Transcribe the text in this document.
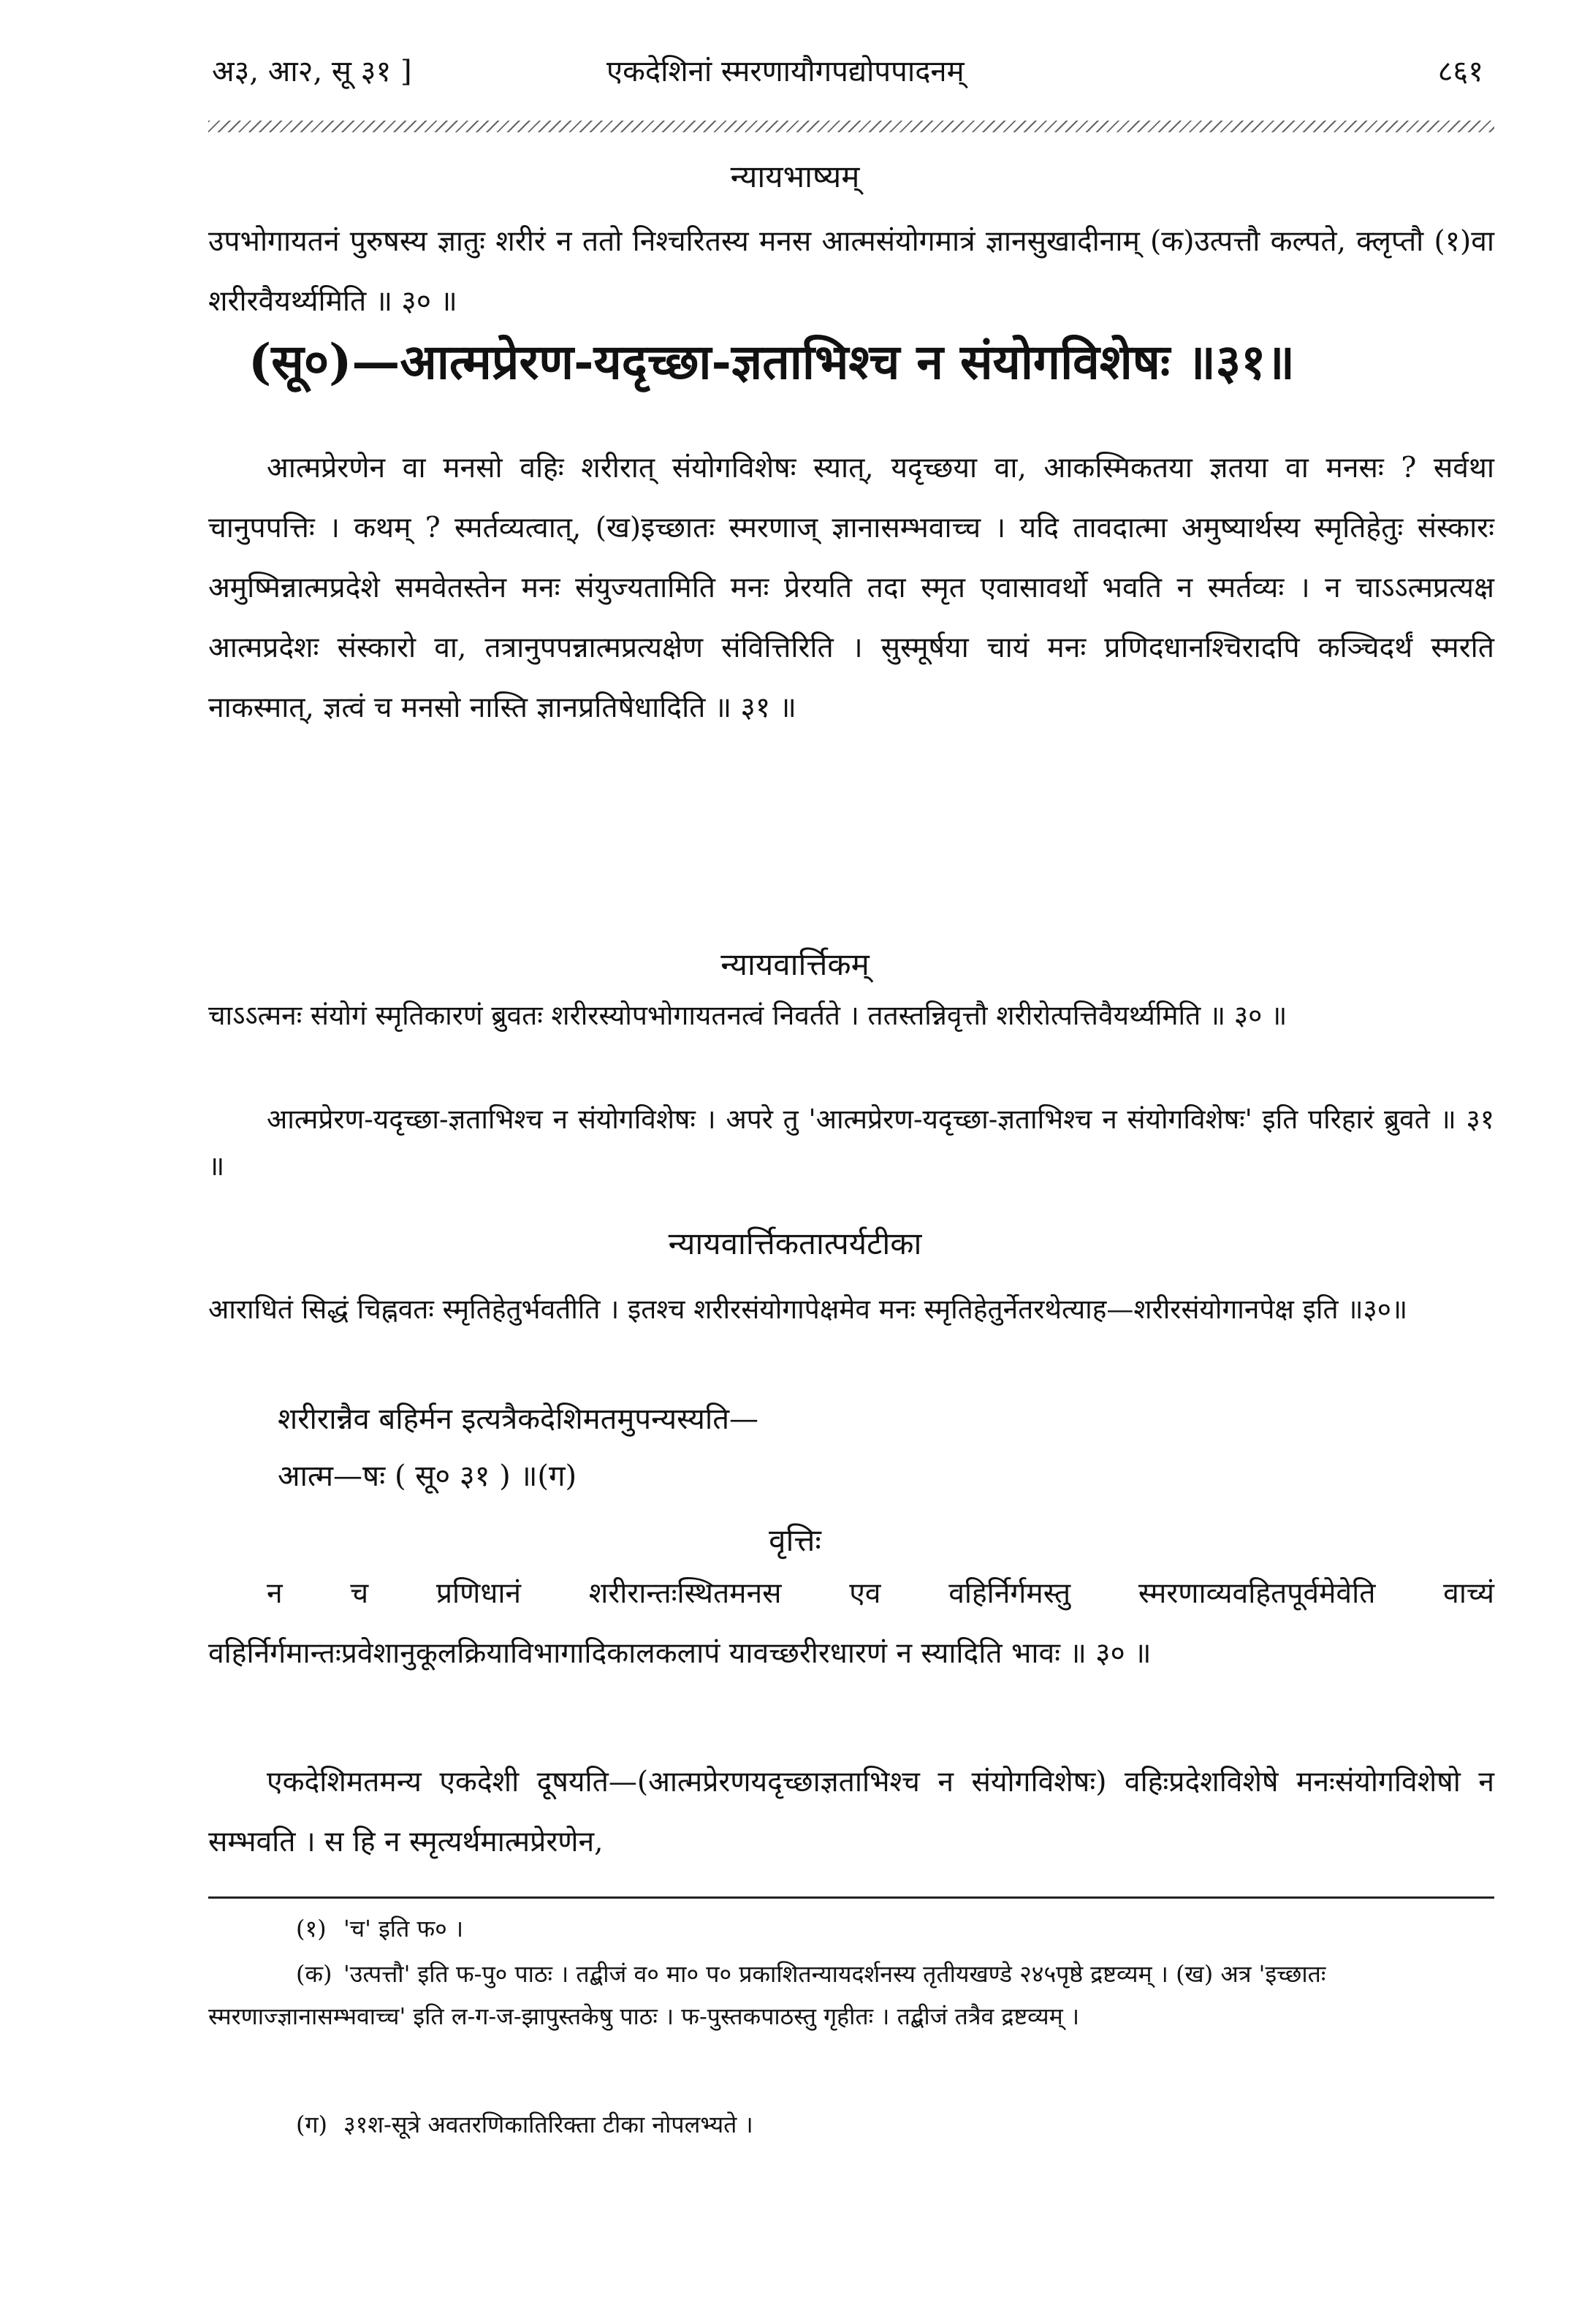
अ३, आ२, सू ३१ ]	एकदेशिनां स्मरणायौगपद्योपपादनम्	८६१
न्यायभाष्यम्
उपभोगायतनं पुरुषस्य ज्ञातुः शरीरं न ततो निश्चरितस्य मनस आत्मसंयोगमात्रं ज्ञानसुखादीनाम् (क)उत्पत्तौ कल्पते, क्लृप्तौ (१)वा शरीरवैयर्थ्यमिति ॥ ३० ॥
(सू०)—आत्मप्रेरण-यदृच्छा-ज्ञताभिश्च न संयोगविशेषः ॥३१॥
आत्मप्रेरणेन वा मनसो वहिः शरीरात् संयोगविशेषः स्यात्, यदृच्छया वा, आकस्मिकतया ज्ञतया वा मनसः ? सर्वथा चानुपपत्तिः । कथम् ? स्मर्तव्यत्वात्, (ख)इच्छातः स्मरणाज् ज्ञानासम्भवाच्च । यदि तावदात्मा अमुष्यार्थस्य स्मृतिहेतुः संस्कारः अमुष्मिन्नात्मप्रदेशे समवेतस्तेन मनः संयुज्यतामिति मनः प्रेरयति तदा स्मृत एवासावर्थो भवति न स्मर्तव्यः । न चाऽऽत्मप्रत्यक्ष आत्मप्रदेशः संस्कारो वा, तत्रानुपपन्नात्मप्रत्यक्षेण संवित्तिरिति । सुस्मूर्षया चायं मनः प्रणिदधानश्चिरादपि कञ्चिदर्थं स्मरति नाकस्मात्, ज्ञत्वं च मनसो नास्ति ज्ञानप्रतिषेधादिति ॥ ३१ ॥
न्यायवार्त्तिकम्
चाऽऽत्मनः संयोगं स्मृतिकारणं ब्रुवतः शरीरस्योपभोगायतनत्वं निवर्तते । ततस्तन्निवृत्तौ शरीरोत्पत्तिवैयर्थ्यमिति ॥ ३० ॥
आत्मप्रेरण-यदृच्छा-ज्ञताभिश्च न संयोगविशेषः । अपरे तु 'आत्मप्रेरण-यदृच्छा-ज्ञताभिश्च न संयोगविशेषः' इति परिहारं ब्रुवते ॥ ३१ ॥
न्यायवार्त्तिकतात्पर्यटीका
आराधितं सिद्धं चिह्नवतः स्मृतिहेतुर्भवतीति । इतश्च शरीरसंयोगापेक्षमेव मनः स्मृतिहेतुर्नेतरथेत्याह—शरीरसंयोगानपेक्ष इति ॥३०॥
शरीरान्नैव बहिर्मन इत्यत्रैकदेशिमतमुपन्यस्यति—
आत्म—षः ( सू० ३१ ) ॥(ग)
वृत्तिः
न च प्रणिधानं शरीरान्तःस्थितमनस एव वहिर्निर्गमस्तु स्मरणाव्यवहितपूर्वमेवेति वाच्यं वहिर्निर्गमान्तःप्रवेशानुकूलक्रियाविभागादिकालकलापं यावच्छरीरधारणं न स्यादिति भावः ॥ ३० ॥
एकदेशिमतमन्य एकदेशी दूषयति—(आत्मप्रेरणयदृच्छाज्ञताभिश्च न संयोगविशेषः) वहिःप्रदेशविशेषे मनःसंयोगविशेषो न सम्भवति । स हि न स्मृत्यर्थमात्मप्रेरणेन,
(१) 'च' इति फ० ।
(क) 'उत्पत्तौ' इति फ-पु० पाठः । तद्बीजं व० मा० प० प्रकाशितन्यायदर्शनस्य तृतीयखण्डे २४५पृष्ठे द्रष्टव्यम् । (ख) अत्र 'इच्छातः स्मरणाज्ज्ञानासम्भवाच्च' इति ल-ग-ज-झापुस्तकेषु पाठः । फ-पुस्तकपाठस्तु गृहीतः । तद्बीजं तत्रैव द्रष्टव्यम् ।
(ग) ३१श-सूत्रे अवतरणिकातिरिक्ता टीका नोपलभ्यते ।
